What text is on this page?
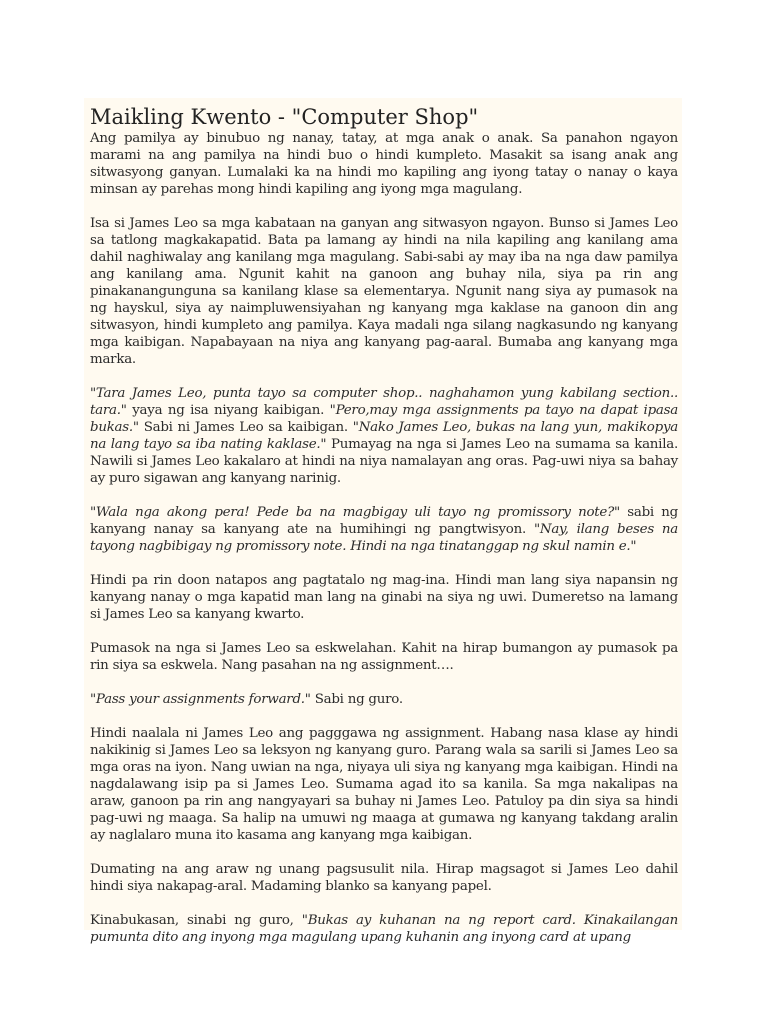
Maikling Kwento - "Computer Shop"

Ang pamilya ay binubuo ng nanay, tatay, at mga anak o anak. Sa panahon ngayon marami na ang pamilya na hindi buo o hindi kumpleto. Masakit sa isang anak ang sitwasyong ganyan. Lumalaki ka na hindi mo kapiling ang iyong tatay o nanay o kaya minsan ay parehas mong hindi kapiling ang iyong mga magulang.

Isa si James Leo sa mga kabataan na ganyan ang sitwasyon ngayon. Bunso si James Leo sa tatlong magkakapatid. Bata pa lamang ay hindi na nila kapiling ang kanilang ama dahil naghiwalay ang kanilang mga magulang. Sabi-sabi ay may iba na nga daw pamilya ang kanilang ama. Ngunit kahit na ganoon ang buhay nila, siya pa rin ang pinakanangunguna sa kanilang klase sa elementarya. Ngunit nang siya ay pumasok na ng hayskul, siya ay naimpluwensiyahan ng kanyang mga kaklase na ganoon din ang sitwasyon, hindi kumpleto ang pamilya. Kaya madali nga silang nagkasundo ng kanyang mga kaibigan. Napabayaan na niya ang kanyang pag-aaral. Bumaba ang kanyang mga marka.

"Tara James Leo, punta tayo sa computer shop.. naghahamon yung kabilang section.. tara." yaya ng isa niyang kaibigan. "Pero,may mga assignments pa tayo na dapat ipasa bukas." Sabi ni James Leo sa kaibigan. "Nako James Leo, bukas na lang yun, makikopya na lang tayo sa iba nating kaklase." Pumayag na nga si James Leo na sumama sa kanila. Nawili si James Leo kakalaro at hindi na niya namalayan ang oras. Pag-uwi niya sa bahay ay puro sigawan ang kanyang narinig.

"Wala nga akong pera! Pede ba na magbigay uli tayo ng promissory note?" sabi ng kanyang nanay sa kanyang ate na humihingi ng pangtwisyon. "Nay, ilang beses na tayong nagbibigay ng promissory note. Hindi na nga tinatanggap ng skul namin e."

Hindi pa rin doon natapos ang pagtatalo ng mag-ina. Hindi man lang siya napansin ng kanyang nanay o mga kapatid man lang na ginabi na siya ng uwi. Dumeretso na lamang si James Leo sa kanyang kwarto.

Pumasok na nga si James Leo sa eskwelahan. Kahit na hirap bumangon ay pumasok pa rin siya sa eskwela. Nang pasahan na ng assignment….

"Pass your assignments forward." Sabi ng guro.

Hindi naalala ni James Leo ang pagggawa ng assignment. Habang nasa klase ay hindi nakikinig si James Leo sa leksyon ng kanyang guro. Parang wala sa sarili si James Leo sa mga oras na iyon. Nang uwian na nga, niyaya uli siya ng kanyang mga kaibigan. Hindi na nagdalawang isip pa si James Leo. Sumama agad ito sa kanila. Sa mga nakalipas na araw, ganoon pa rin ang nangyayari sa buhay ni James Leo. Patuloy pa din siya sa hindi pag-uwi ng maaga. Sa halip na umuwi ng maaga at gumawa ng kanyang takdang aralin ay naglalaro muna ito kasama ang kanyang mga kaibigan.

Dumating na ang araw ng unang pagsusulit nila. Hirap magsagot si James Leo dahil hindi siya nakapag-aral. Madaming blanko sa kanyang papel.

Kinabukasan, sinabi ng guro, "Bukas ay kuhanan na ng report card. Kinakailangan pumunta dito ang inyong mga magulang upang kuhanin ang inyong card at upang
